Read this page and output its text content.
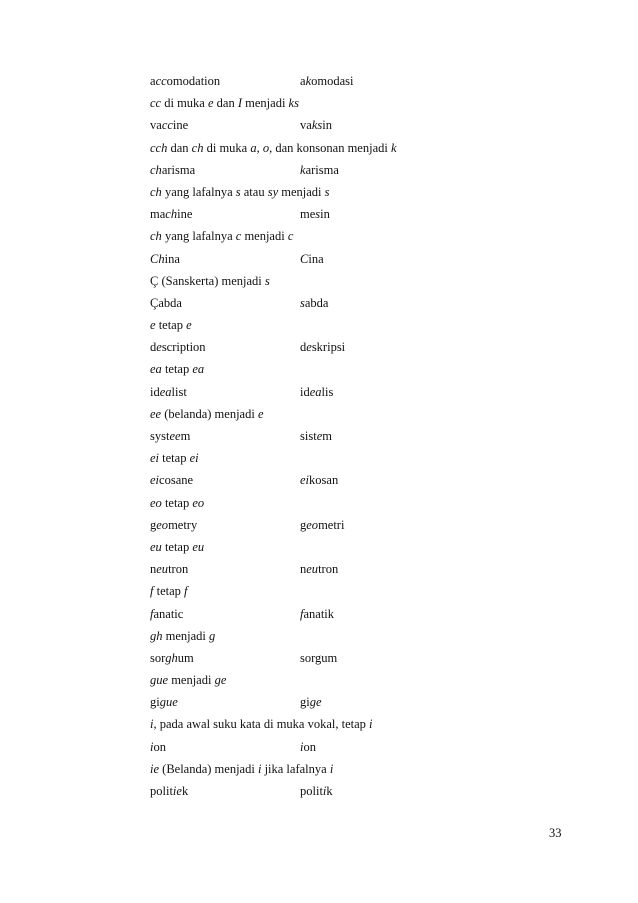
accomodation	akomodasi
cc di muka e dan I menjadi ks
vaccine	vaksin
cch dan ch di muka a, o, dan konsonan menjadi k
charisma	karisma
ch yang lafalnya s atau sy menjadi s
machine	mesin
ch yang lafalnya c menjadi c
China	Cina
Ç (Sanskerta) menjadi s
Çabda	sabda
e tetap e
description	deskripsi
ea tetap ea
idealist	idealis
ee (belanda) menjadi e
systeem	sistem
ei tetap ei
eicosane	eikosan
eo tetap eo
geometry	geometri
eu tetap eu
neutron	neutron
f tetap f
fanatic	fanatik
gh menjadi g
sorghum	sorgum
gue menjadi ge
gigue	gige
i, pada awal suku kata di muka vokal, tetap i
ion	ion
ie (Belanda) menjadi i jika lafalnya i
politiek	politik
33
